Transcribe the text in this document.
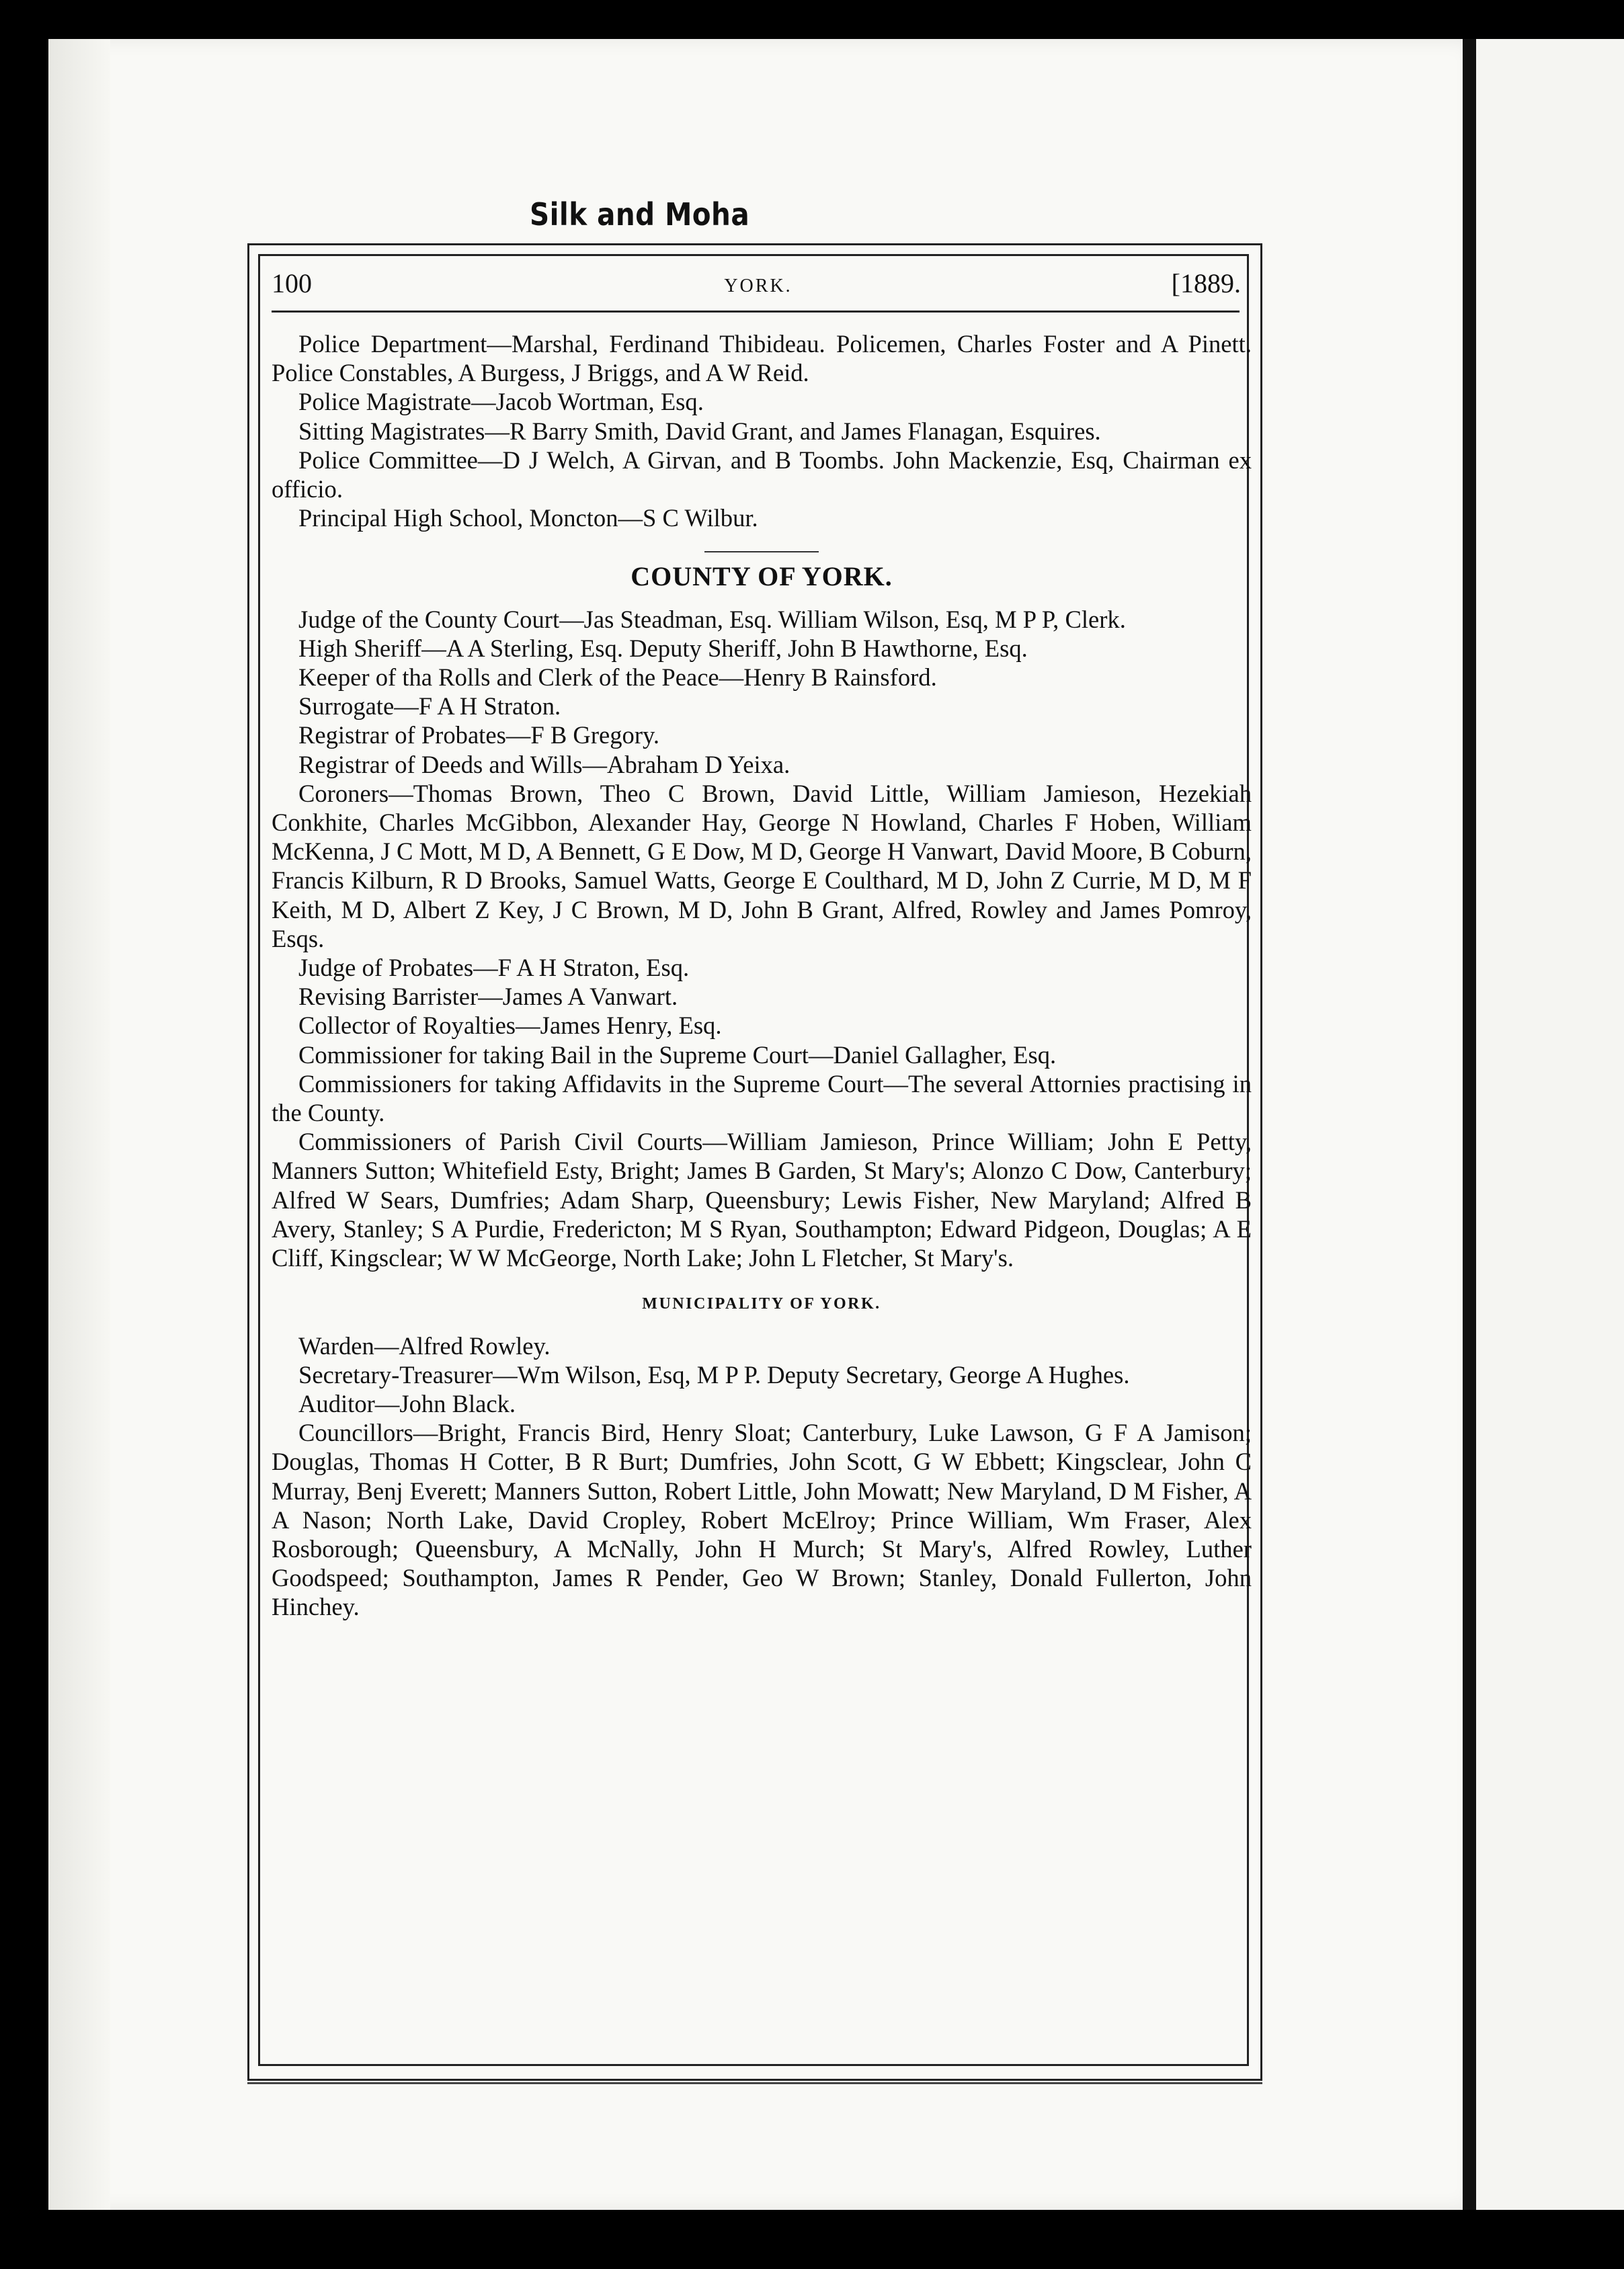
Silk and Moha
100	YORK.	[1889.

Police Department—Marshal, Ferdinand Thibideau. Policemen, Charles Foster and A Pinett. Police Constables, A Burgess, J Briggs, and A W Reid.

Police Magistrate—Jacob Wortman, Esq.

Sitting Magistrates—R Barry Smith, David Grant, and James Flanagan, Esquires.

Police Committee—D J Welch, A Girvan, and B Toombs. John Mackenzie, Esq, Chairman ex officio.

Principal High School, Moncton—S C Wilbur.

COUNTY OF YORK.

Judge of the County Court—Jas Steadman, Esq. William Wilson, Esq, M P P, Clerk.

High Sheriff—A A Sterling, Esq. Deputy Sheriff, John B Hawthorne, Esq.

Keeper of tha Rolls and Clerk of the Peace—Henry B Rainsford.

Surrogate—F A H Straton.

Registrar of Probates—F B Gregory.

Registrar of Deeds and Wills—Abraham D Yeixa.

Coroners—Thomas Brown, Theo C Brown, David Little, William Jamieson, Hezekiah Conkhite, Charles McGibbon, Alexander Hay, George N Howland, Charles F Hoben, William McKenna, J C Mott, M D, A Bennett, G E Dow, M D, George H Vanwart, David Moore, B Coburn, Francis Kilburn, R D Brooks, Samuel Watts, George E Coulthard, M D, John Z Currie, M D, M F Keith, M D, Albert Z Key, J C Brown, M D, John B Grant, Alfred, Rowley and James Pomroy, Esqs.

Judge of Probates—F A H Straton, Esq.

Revising Barrister—James A Vanwart.

Collector of Royalties—James Henry, Esq.

Commissioner for taking Bail in the Supreme Court—Daniel Gallagher, Esq.

Commissioners for taking Affidavits in the Supreme Court—The several Attornies practising in the County.

Commissioners of Parish Civil Courts—William Jamieson, Prince William; John E Petty, Manners Sutton; Whitefield Esty, Bright; James B Garden, St Mary's; Alonzo C Dow, Canterbury; Alfred W Sears, Dumfries; Adam Sharp, Queensbury; Lewis Fisher, New Maryland; Alfred B Avery, Stanley; S A Purdie, Fredericton; M S Ryan, Southampton; Edward Pidgeon, Douglas; A E Cliff, Kingsclear; W W McGeorge, North Lake; John L Fletcher, St Mary's.

MUNICIPALITY OF YORK.

Warden—Alfred Rowley.

Secretary-Treasurer—Wm Wilson, Esq, M P P. Deputy Secretary, George A Hughes.

Auditor—John Black.

Councillors—Bright, Francis Bird, Henry Sloat; Canterbury, Luke Lawson, G F A Jamison; Douglas, Thomas H Cotter, B R Burt; Dumfries, John Scott, G W Ebbett; Kingsclear, John C Murray, Benj Everett; Manners Sutton, Robert Little, John Mowatt; New Maryland, D M Fisher, A A Nason; North Lake, David Cropley, Robert McElroy; Prince William, Wm Fraser, Alex Rosborough; Queensbury, A McNally, John H Murch; St Mary's, Alfred Rowley, Luther Goodspeed; Southampton, James R Pender, Geo W Brown; Stanley, Donald Fullerton, John Hinchey.
